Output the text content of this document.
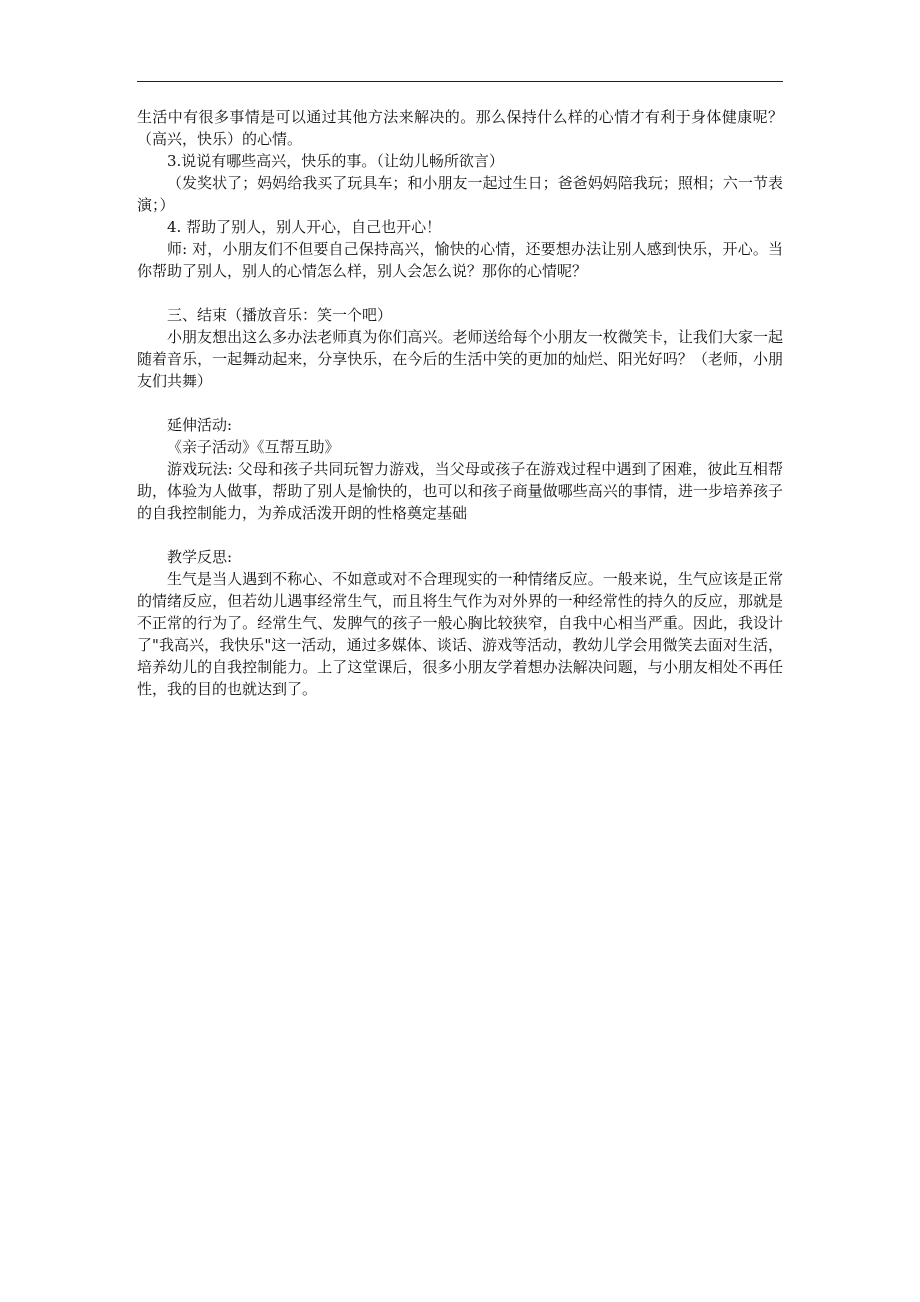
生活中有很多事情是可以通过其他方法来解决的。那么保持什么样的心情才有利于身体健康呢？（高兴，快乐）的心情。

3.说说有哪些高兴，快乐的事。（让幼儿畅所欲言）

（发奖状了；妈妈给我买了玩具车；和小朋友一起过生日；爸爸妈妈陪我玩；照相；六一节表演；）

4. 帮助了别人，别人开心，自己也开心！

师: 对，小朋友们不但要自己保持高兴，愉快的心情，还要想办法让别人感到快乐，开心。当你帮助了别人，别人的心情怎么样，别人会怎么说？那你的心情呢？

三、结束（播放音乐：笑一个吧）

小朋友想出这么多办法老师真为你们高兴。老师送给每个小朋友一枚微笑卡，让我们大家一起随着音乐，一起舞动起来，分享快乐，在今后的生活中笑的更加的灿烂、阳光好吗？（老师，小朋友们共舞）

延伸活动:

《亲子活动》《互帮互助》

游戏玩法: 父母和孩子共同玩智力游戏，当父母或孩子在游戏过程中遇到了困难，彼此互相帮助，体验为人做事，帮助了别人是愉快的，也可以和孩子商量做哪些高兴的事情，进一步培养孩子的自我控制能力，为养成活泼开朗的性格奠定基础

教学反思:

生气是当人遇到不称心、不如意或对不合理现实的一种情绪反应。一般来说，生气应该是正常的情绪反应，但若幼儿遇事经常生气，而且将生气作为对外界的一种经常性的持久的反应，那就是不正常的行为了。经常生气、发脾气的孩子一般心胸比较狭窄，自我中心相当严重。因此，我设计了"我高兴，我快乐"这一活动，通过多媒体、谈话、游戏等活动，教幼儿学会用微笑去面对生活，培养幼儿的自我控制能力。上了这堂课后，很多小朋友学着想办法解决问题，与小朋友相处不再任性，我的目的也就达到了。
